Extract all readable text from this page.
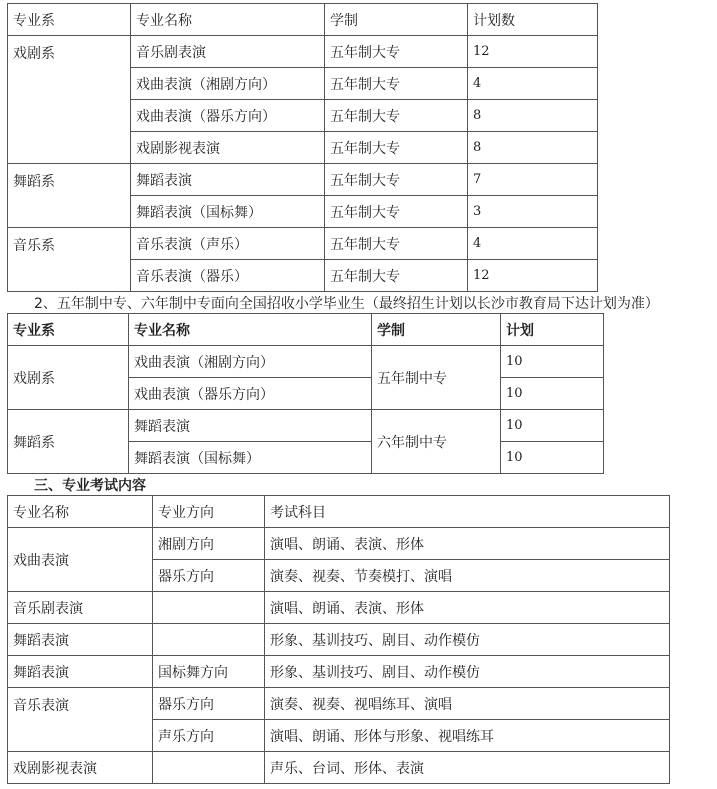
专业系	专业名称	学制	计划数
戏剧系	音乐剧表演	五年制大专	12
	戏曲表演（湘剧方向）	五年制大专	4
	戏曲表演（器乐方向）	五年制大专	8
	戏剧影视表演	五年制大专	8
舞蹈系	舞蹈表演	五年制大专	7
	舞蹈表演（国标舞）	五年制大专	3
音乐系	音乐表演（声乐）	五年制大专	4
	音乐表演（器乐）	五年制大专	12
2、五年制中专、六年制中专面向全国招收小学毕业生（最终招生计划以长沙市教育局下达计划为准）
专业系	专业名称	学制	计划
戏剧系	戏曲表演（湘剧方向）	五年制中专	10
	戏曲表演（器乐方向）		10
舞蹈系	舞蹈表演	六年制中专	10
	舞蹈表演（国标舞）		10
三、专业考试内容
专业名称	专业方向	考试科目
戏曲表演	湘剧方向	演唱、朗诵、表演、形体
	器乐方向	演奏、视奏、节奏模打、演唱
音乐剧表演		演唱、朗诵、表演、形体
舞蹈表演		形象、基训技巧、剧目、动作模仿
舞蹈表演	国标舞方向	形象、基训技巧、剧目、动作模仿
音乐表演	器乐方向	演奏、视奏、视唱练耳、演唱
	声乐方向	演唱、朗诵、形体与形象、视唱练耳
戏剧影视表演		声乐、台词、形体、表演
